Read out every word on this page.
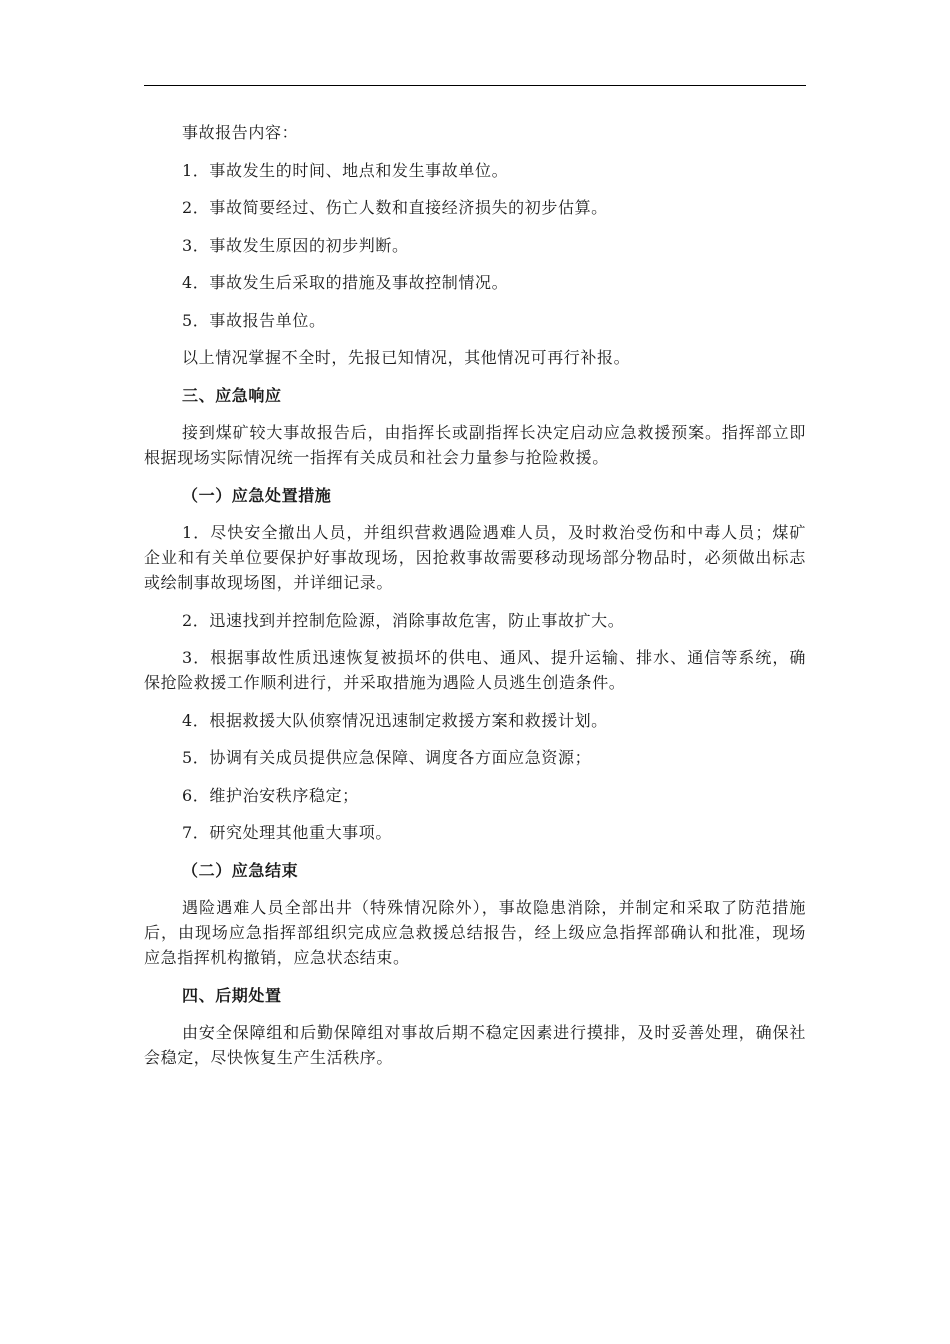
事故报告内容：

1．事故发生的时间、地点和发生事故单位。

2．事故简要经过、伤亡人数和直接经济损失的初步估算。

3．事故发生原因的初步判断。

4．事故发生后采取的措施及事故控制情况。

5．事故报告单位。

以上情况掌握不全时，先报已知情况，其他情况可再行补报。

三、应急响应

接到煤矿较大事故报告后，由指挥长或副指挥长决定启动应急救援预案。指挥部立即根据现场实际情况统一指挥有关成员和社会力量参与抢险救援。

（一）应急处置措施

1．尽快安全撤出人员，并组织营救遇险遇难人员，及时救治受伤和中毒人员；煤矿企业和有关单位要保护好事故现场，因抢救事故需要移动现场部分物品时，必须做出标志或绘制事故现场图，并详细记录。

2．迅速找到并控制危险源，消除事故危害，防止事故扩大。

3．根据事故性质迅速恢复被损坏的供电、通风、提升运输、排水、通信等系统，确保抢险救援工作顺利进行，并采取措施为遇险人员逃生创造条件。

4．根据救援大队侦察情况迅速制定救援方案和救援计划。

5．协调有关成员提供应急保障、调度各方面应急资源；

6．维护治安秩序稳定；

7．研究处理其他重大事项。

（二）应急结束

遇险遇难人员全部出井（特殊情况除外），事故隐患消除，并制定和采取了防范措施后，由现场应急指挥部组织完成应急救援总结报告，经上级应急指挥部确认和批准，现场应急指挥机构撤销，应急状态结束。

四、后期处置

由安全保障组和后勤保障组对事故后期不稳定因素进行摸排，及时妥善处理，确保社会稳定，尽快恢复生产生活秩序。
